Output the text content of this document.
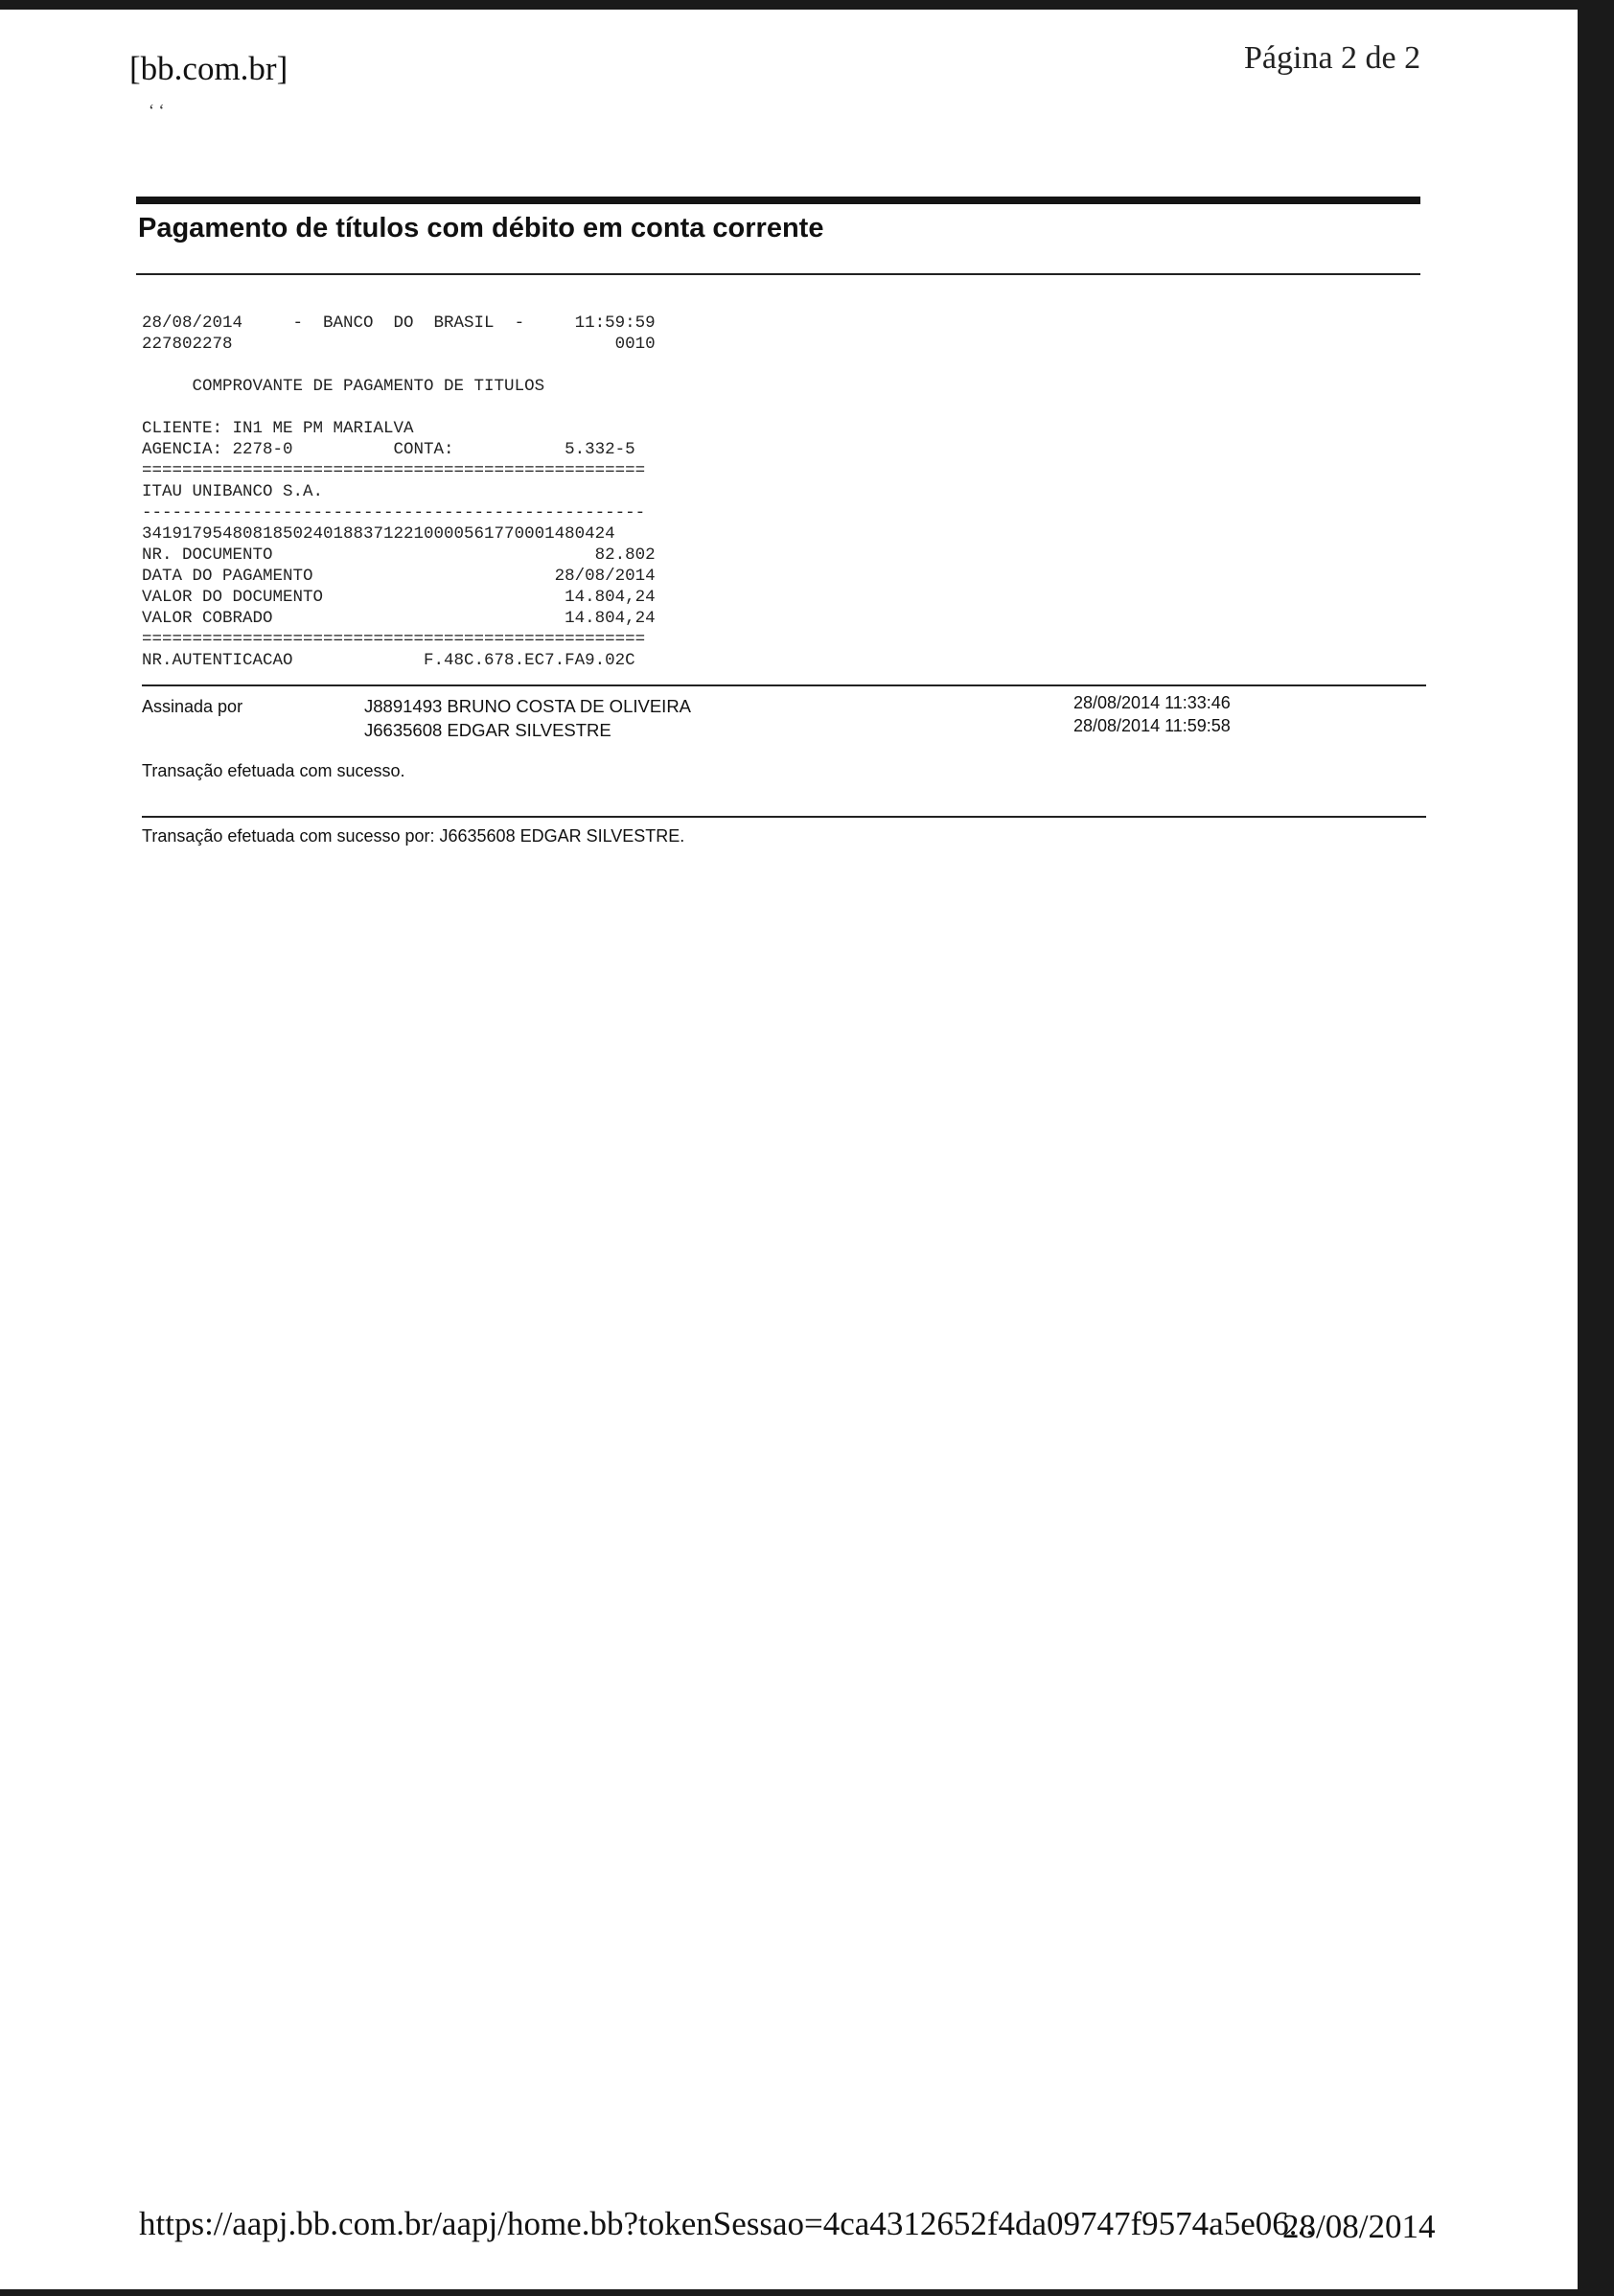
[bb.com.br]	Página 2 de 2
‘ ‘
Pagamento de títulos com débito em conta corrente
28/08/2014     -  BANCO  DO  BRASIL  -     11:59:59
227802278                                      0010

COMPROVANTE DE PAGAMENTO DE TITULOS

CLIENTE: IN1 ME PM MARIALVA
AGENCIA: 2278-0          CONTA:           5.332-5
==================================================
ITAU UNIBANCO S.A.
--------------------------------------------------
34191795480818502401883712210000561770001480424
NR. DOCUMENTO                                82.802
DATA DO PAGAMENTO                        28/08/2014
VALOR DO DOCUMENTO                        14.804,24
VALOR COBRADO                             14.804,24
==================================================
NR.AUTENTICACAO             F.48C.678.EC7.FA9.02C
Assinada por	J8891493 BRUNO COSTA DE OLIVEIRA
J6635608 EDGAR SILVESTRE
28/08/2014 11:33:46
28/08/2014 11:59:58
Transação efetuada com sucesso.
Transação efetuada com sucesso por: J6635608 EDGAR SILVESTRE.
https://aapj.bb.com.br/aapj/home.bb?tokenSessao=4ca4312652f4da09747f9574a5e06...
28/08/2014
